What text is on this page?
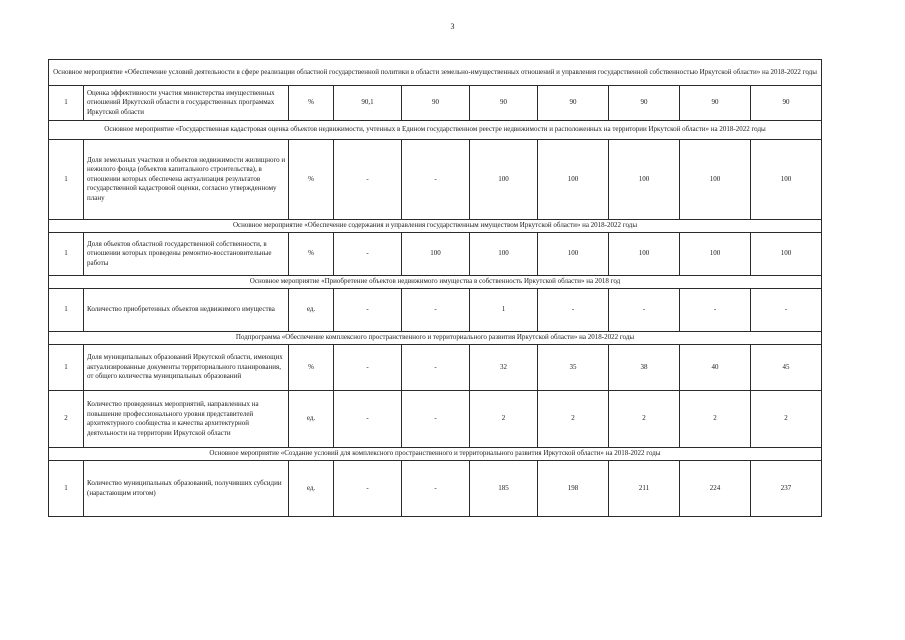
3
Основное мероприятие «Обеспечение условий деятельности в сфере реализации областной государственной политики в области земельно-имущественных отношений и управления государственной собственностью Иркутской области» на 2018-2022 годы									
1	Оценка эффективности участия министерства имущественных отношений Иркутской области в государственных программах Иркутской области	%	90,1	90	90	90	90	90	90
Основное мероприятие «Государственная кадастровая оценка объектов недвижимости, учтенных в Едином государственном реестре недвижимости и расположенных на территории Иркутской области» на 2018-2022 годы									
1	Доля земельных участков и объектов недвижимости жилищного и нежилого фонда (объектов капитального строительства), в отношении которых обеспечена актуализация результатов государственной кадастровой оценки, согласно утвержденному плану	%	-	-	100	100	100	100	100
Основное мероприятие «Обеспечение содержания и управления государственным имуществом Иркутской области» на 2018-2022 годы									
1	Доля объектов областной государственной собственности, в отношении которых проведены ремонтно-восстановительные работы	%	-	100	100	100	100	100	100
Основное мероприятие «Приобретение объектов недвижимого имущества в собственность Иркутской области» на 2018 год									
1	Количество приобретенных объектов недвижимого имущества	ед.	-	-	1	-	-	-	-
Подпрограмма «Обеспечение комплексного пространственного и территориального развития Иркутской области» на 2018-2022 годы									
1	Доля муниципальных образований Иркутской области, имеющих актуализированные документы территориального планирования, от общего количества муниципальных образований	%	-	-	32	35	38	40	45
2	Количество проведенных мероприятий, направленных на повышение профессионального уровня представителей архитектурного сообщества и качества архитектурной деятельности на территории Иркутской области	ед.	-	-	2	2	2	2	2
Основное мероприятие «Создание условий для комплексного пространственного и территориального развития Иркутской области» на 2018-2022 годы									
1	Количество муниципальных образований, получивших субсидии (нарастающим итогом)	ед.	-	-	185	198	211	224	237
